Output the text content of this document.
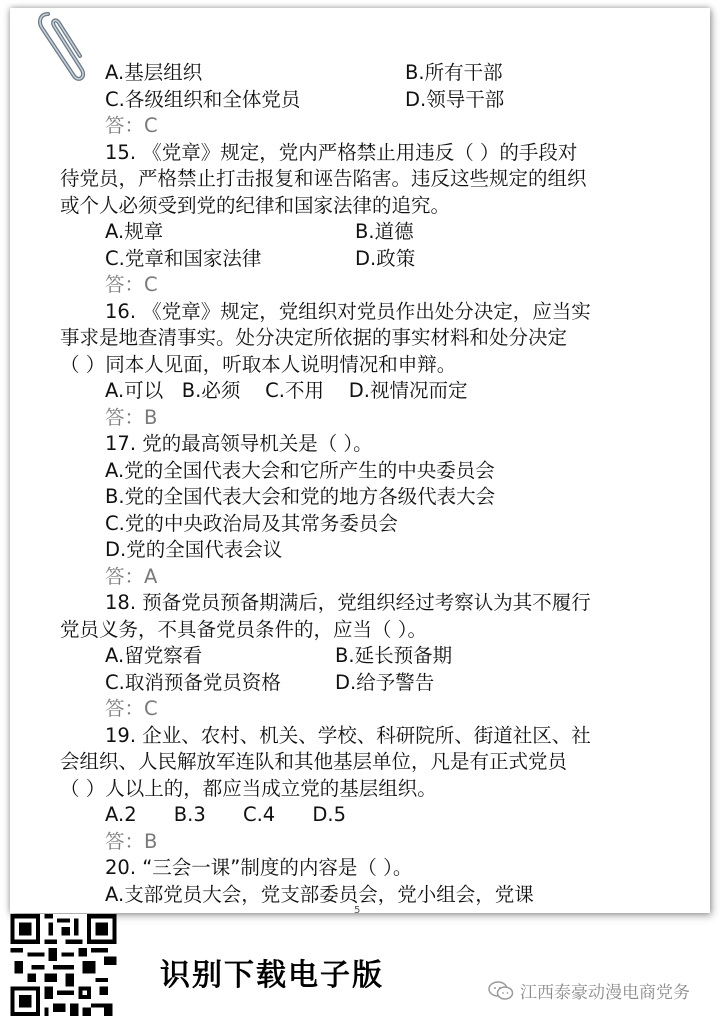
A.基层组织	B.所有干部
C.各级组织和全体党员	D.领导干部
答：C
15. 《党章》规定，党内严格禁止用违反（ ）的手段对
待党员，严格禁止打击报复和诬告陷害。违反这些规定的组织
或个人必须受到党的纪律和国家法律的追究。
A.规章	B.道德
C.党章和国家法律	D.政策
答：C
16. 《党章》规定，党组织对党员作出处分决定，应当实
事求是地查清事实。处分决定所依据的事实材料和处分决定
（ ）同本人见面，听取本人说明情况和申辩。
A.可以   B.必须    C.不用    D.视情况而定
答：B
17. 党的最高领导机关是（ ）。
A.党的全国代表大会和它所产生的中央委员会
B.党的全国代表大会和党的地方各级代表大会
C.党的中央政治局及其常务委员会
D.党的全国代表会议
答：A
18. 预备党员预备期满后，党组织经过考察认为其不履行
党员义务，不具备党员条件的，应当（ ）。
A.留党察看	B.延长预备期
C.取消预备党员资格	D.给予警告
答：C
19. 企业、农村、机关、学校、科研院所、街道社区、社
会组织、人民解放军连队和其他基层单位，凡是有正式党员
（ ）人以上的，都应当成立党的基层组织。
A.2      B.3      C.4      D.5
答：B
20. “三会一课”制度的内容是（ ）。
A.支部党员大会，党支部委员会，党小组会，党课
5
识别下载电子版	江西泰豪动漫电商党务
